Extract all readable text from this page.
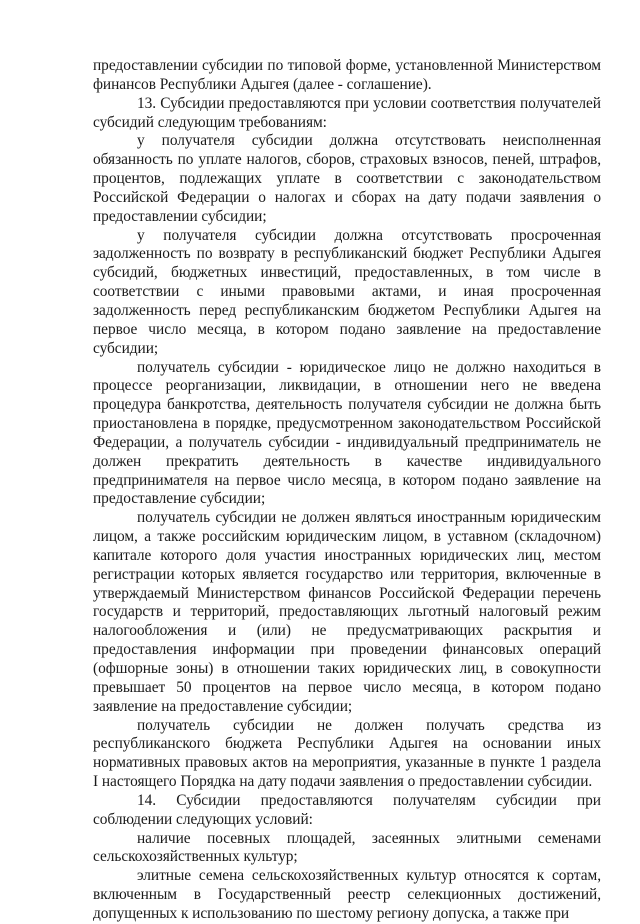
предоставлении субсидии по типовой форме, установленной Министерством финансов Республики Адыгея (далее - соглашение).

13. Субсидии предоставляются при условии соответствия получателей субсидий следующим требованиям:

у получателя субсидии должна отсутствовать неисполненная обязанность по уплате налогов, сборов, страховых взносов, пеней, штрафов, процентов, подлежащих уплате в соответствии с законодательством Российской Федерации о налогах и сборах на дату подачи заявления о предоставлении субсидии;

у получателя субсидии должна отсутствовать просроченная задолженность по возврату в республиканский бюджет Республики Адыгея субсидий, бюджетных инвестиций, предоставленных, в том числе в соответствии с иными правовыми актами, и иная просроченная задолженность перед республиканским бюджетом Республики Адыгея на первое число месяца, в котором подано заявление на предоставление субсидии;

получатель субсидии - юридическое лицо не должно находиться в процессе реорганизации, ликвидации, в отношении него не введена процедура банкротства, деятельность получателя субсидии не должна быть приостановлена в порядке, предусмотренном законодательством Российской Федерации, а получатель субсидии - индивидуальный предприниматель не должен прекратить деятельность в качестве индивидуального предпринимателя на первое число месяца, в котором подано заявление на предоставление субсидии;

получатель субсидии не должен являться иностранным юридическим лицом, а также российским юридическим лицом, в уставном (складочном) капитале которого доля участия иностранных юридических лиц, местом регистрации которых является государство или территория, включенные в утверждаемый Министерством финансов Российской Федерации перечень государств и территорий, предоставляющих льготный налоговый режим налогообложения и (или) не предусматривающих раскрытия и предоставления информации при проведении финансовых операций (офшорные зоны) в отношении таких юридических лиц, в совокупности превышает 50 процентов на первое число месяца, в котором подано заявление на предоставление субсидии;

получатель субсидии не должен получать средства из республиканского бюджета Республики Адыгея на основании иных нормативных правовых актов на мероприятия, указанные в пункте 1 раздела I настоящего Порядка на дату подачи заявления о предоставлении субсидии.

14. Субсидии предоставляются получателям субсидии при соблюдении следующих условий:

наличие посевных площадей, засеянных элитными семенами сельскохозяйственных культур;

элитные семена сельскохозяйственных культур относятся к сортам, включенным в Государственный реестр селекционных достижений, допущенных к использованию по шестому региону допуска, а также при
